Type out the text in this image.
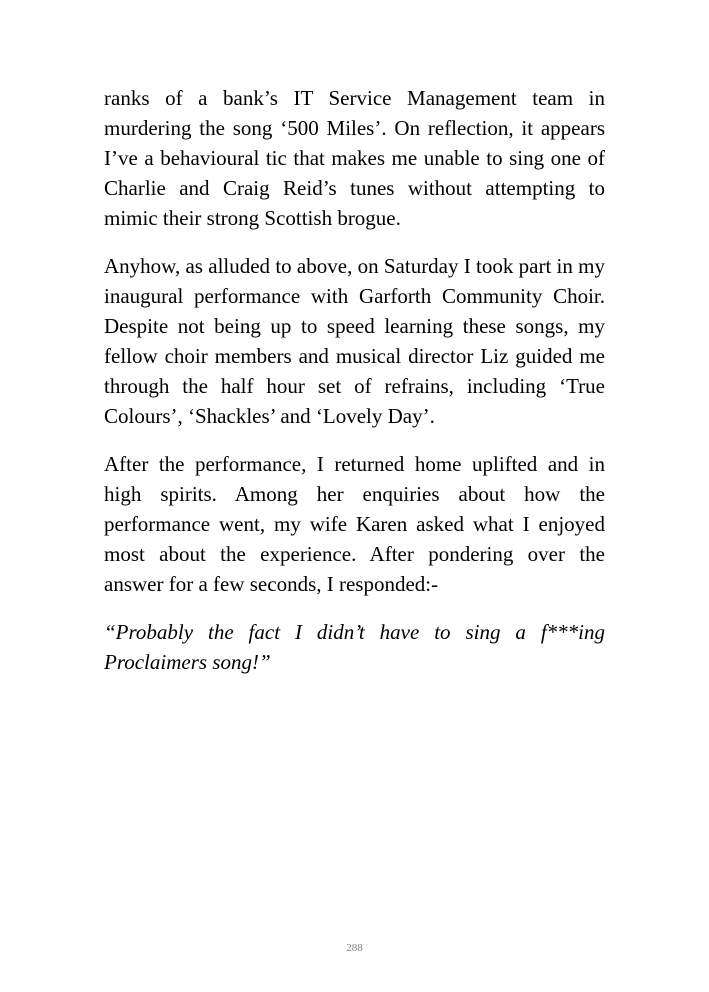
ranks of a bank’s IT Service Management team in murdering the song ‘500 Miles’. On reflection, it appears I’ve a behavioural tic that makes me unable to sing one of Charlie and Craig Reid’s tunes without attempting to mimic their strong Scottish brogue.

Anyhow, as alluded to above, on Saturday I took part in my inaugural performance with Garforth Community Choir. Despite not being up to speed learning these songs, my fellow choir members and musical director Liz guided me through the half hour set of refrains, including ‘True Colours’, ‘Shackles’ and ‘Lovely Day’.

After the performance, I returned home uplifted and in high spirits. Among her enquiries about how the performance went, my wife Karen asked what I enjoyed most about the experience. After pondering over the answer for a few seconds, I responded:-

“Probably the fact I didn’t have to sing a f***ing Proclaimers song!”

288
